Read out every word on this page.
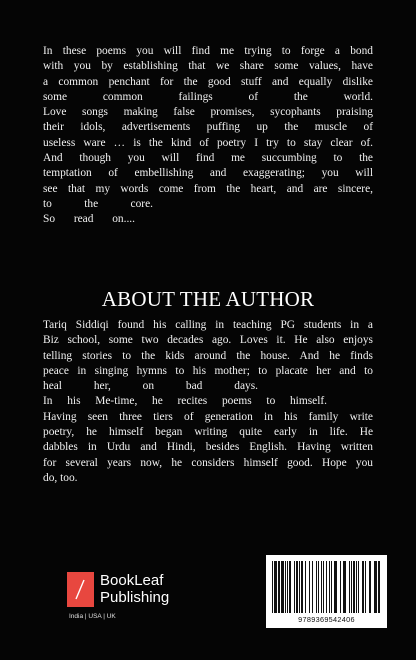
In these poems you will find me trying to forge a bond

with you by establishing that we share some values, have

a common penchant for the good stuff and equally dislike

some common failings of the world.

Love songs making false promises, sycophants praising

their idols, advertisements puffing up the muscle of

useless ware … is the kind of poetry I try to stay clear of.

And though you will find me succumbing to the

temptation of embellishing and exaggerating; you will

see that my words come from the heart, and are sincere,

to the core.

So read on....

ABOUT THE AUTHOR

Tariq Siddiqi found his calling in teaching PG students in a

Biz school, some two decades ago. Loves it. He also enjoys

telling stories to the kids around the house. And he finds

peace in singing hymns to his mother; to placate her and to

heal her, on bad days.

In his Me-time, he recites poems to himself.

Having seen three tiers of generation in his family write

poetry, he himself began writing quite early in life. He

dabbles in Urdu and Hindi, besides English. Having written

for several years now, he considers himself good. Hope you

do, too.

BookLeaf
Publishing
India | USA | UK	9789369542406
